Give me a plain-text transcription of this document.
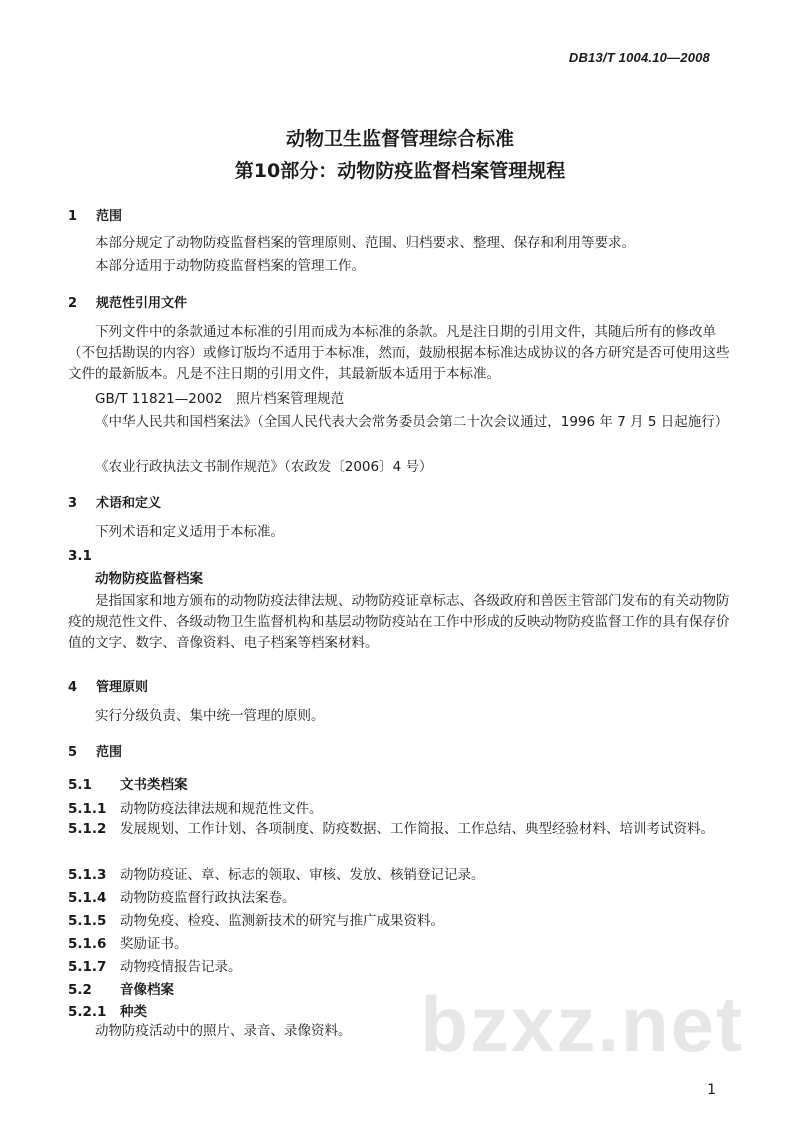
DB13/T 1004.10—2008
动物卫生监督管理综合标准
第10部分：动物防疫监督档案管理规程
1 范围
本部分规定了动物防疫监督档案的管理原则、范围、归档要求、整理、保存和利用等要求。
本部分适用于动物防疫监督档案的管理工作。
2 规范性引用文件
下列文件中的条款通过本标准的引用而成为本标准的条款。凡是注日期的引用文件，其随后所有的修改单（不包括勘误的内容）或修订版均不适用于本标准，然而，鼓励根据本标准达成协议的各方研究是否可使用这些文件的最新版本。凡是不注日期的引用文件，其最新版本适用于本标准。
GB/T 11821—2002　照片档案管理规范
《中华人民共和国档案法》（全国人民代表大会常务委员会第二十次会议通过，1996 年 7 月 5 日起施行）
《农业行政执法文书制作规范》（农政发〔2006〕4 号）
3 术语和定义
下列术语和定义适用于本标准。
3.1
动物防疫监督档案
是指国家和地方颁布的动物防疫法律法规、动物防疫证章标志、各级政府和兽医主管部门发布的有关动物防疫的规范性文件、各级动物卫生监督机构和基层动物防疫站在工作中形成的反映动物防疫监督工作的具有保存价值的文字、数字、音像资料、电子档案等档案材料。
4 管理原则
实行分级负责、集中统一管理的原则。
5 范围
5.1 文书类档案
5.1.1 动物防疫法律法规和规范性文件。
5.1.2 发展规划、工作计划、各项制度、防疫数据、工作简报、工作总结、典型经验材料、培训考试资料。
5.1.3 动物防疫证、章、标志的领取、审核、发放、核销登记记录。
5.1.4 动物防疫监督行政执法案卷。
5.1.5 动物免疫、检疫、监测新技术的研究与推广成果资料。
5.1.6 奖励证书。
5.1.7 动物疫情报告记录。
5.2 音像档案
5.2.1 种类
动物防疫活动中的照片、录音、录像资料。 bzxz.net
1
